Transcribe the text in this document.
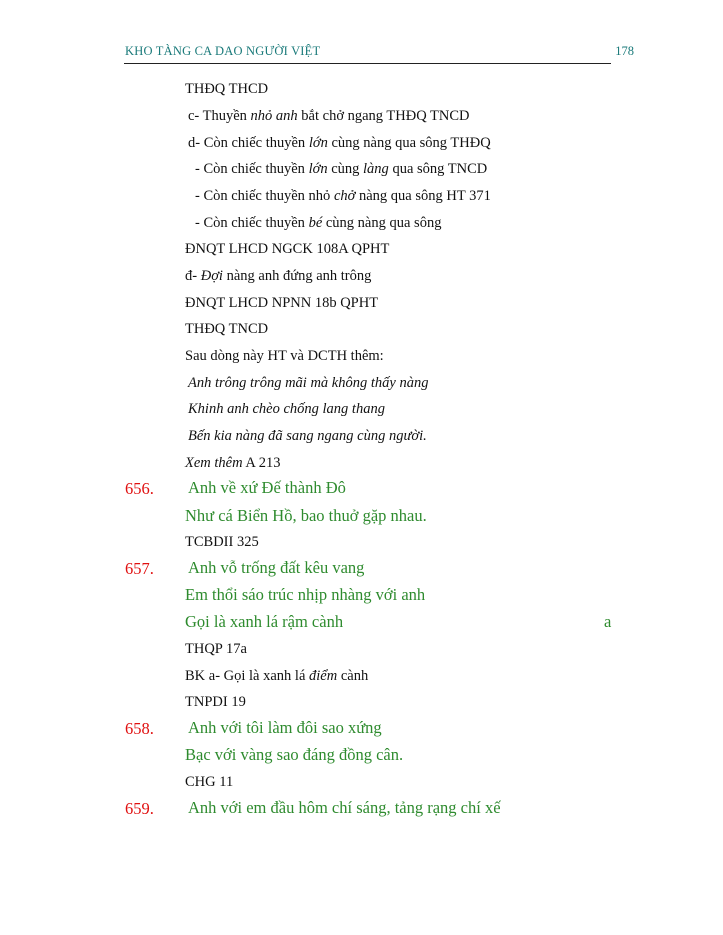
KHO TÀNG CA DAO NGƯỜI VIỆT	178
THĐQ THCD
c- Thuyền nhỏ anh bắt chở ngang THĐQ TNCD
d- Còn chiếc thuyền lớn cùng nàng qua sông THĐQ
- Còn chiếc thuyền lớn cùng làng qua sông TNCD
- Còn chiếc thuyền nhỏ chở nàng qua sông HT 371
- Còn chiếc thuyền bé cùng nàng qua sông
ĐNQT LHCD NGCK 108A QPHT
đ- Đợi nàng anh đứng anh trông
ĐNQT LHCD NPNN 18b QPHT
THĐQ TNCD
Sau dòng này HT và DCTH thêm:
Anh trông trông mãi mà không thấy nàng
Khinh anh chèo chống lang thang
Bến kia nàng đã sang ngang cùng người.
Xem thêm A 213
656. Anh về xứ Đế thành Đô
Như cá Biển Hồ, bao thuở gặp nhau.
TCBDII 325
657. Anh vỗ trống đất kêu vang
Em thổi sáo trúc nhịp nhàng với anh
Gọi là xanh lá rậm cành	a
THQP 17a
BK a- Gọi là xanh lá điểm cành
TNPDI 19
658. Anh với tôi làm đôi sao xứng
Bạc với vàng sao đáng đồng cân.
CHG 11
659. Anh với em đầu hôm chí sáng, tảng rạng chí xế
